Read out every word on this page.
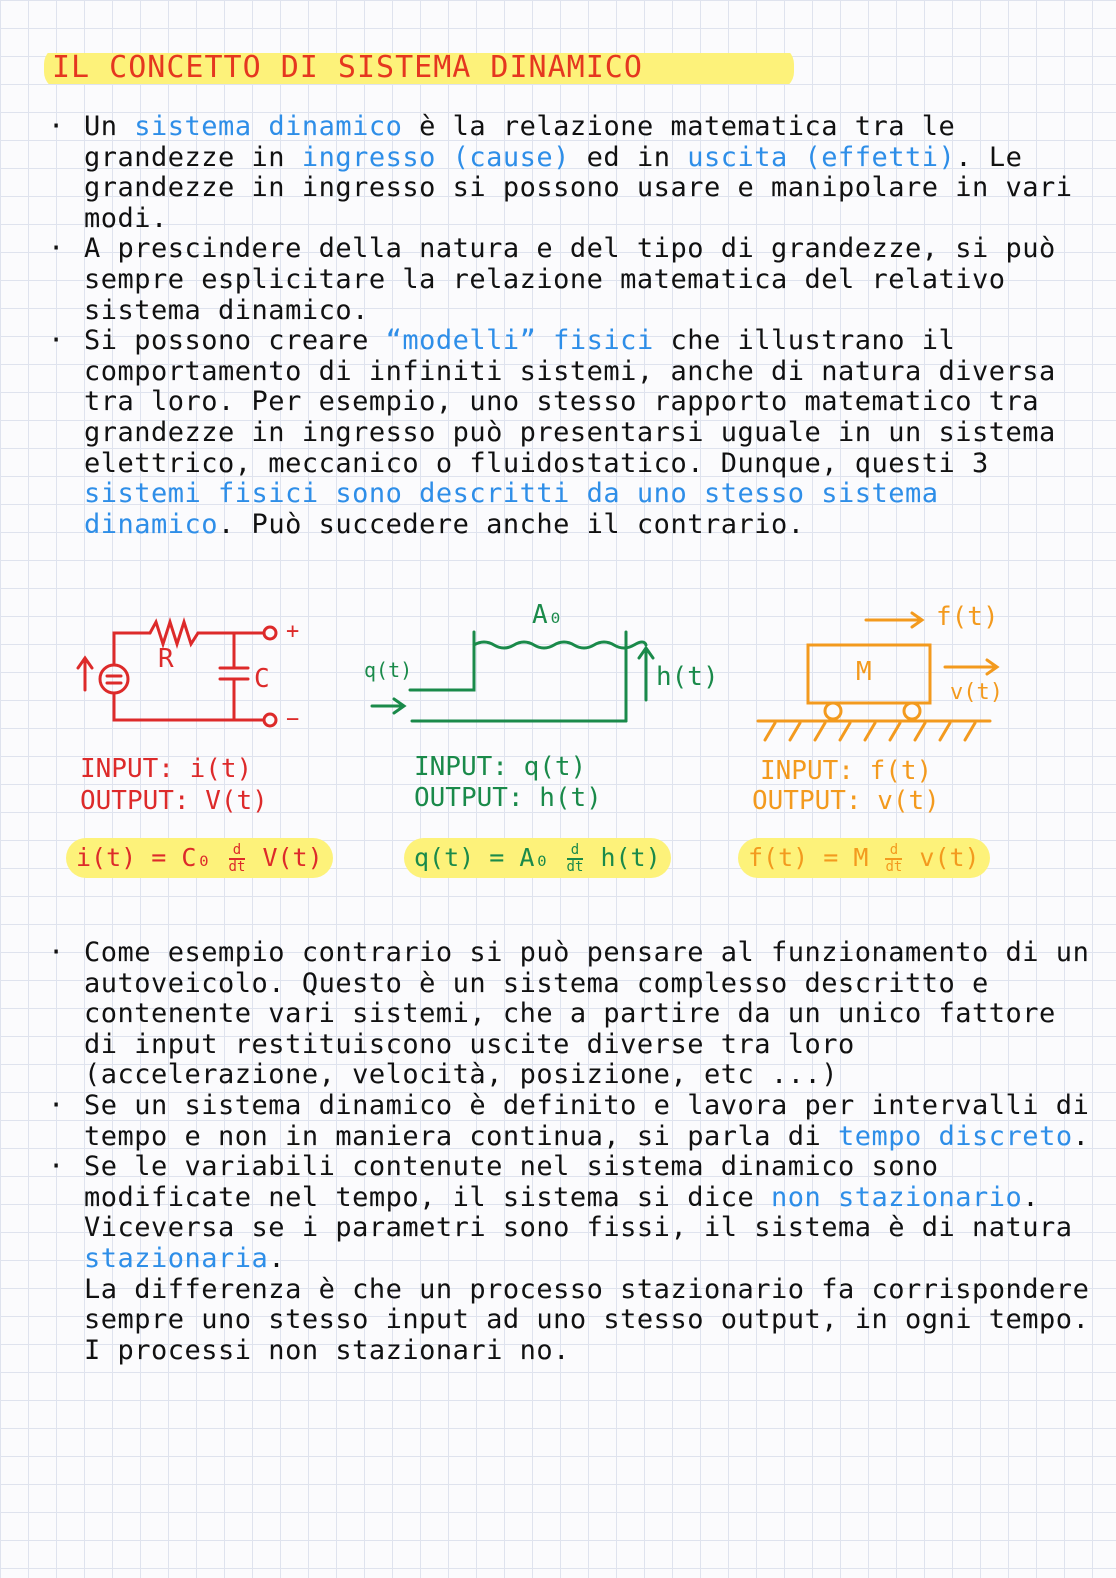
IL CONCETTO DI SISTEMA DINAMICO
· Un sistema dinamico è la relazione matematica tra le grandezze in ingresso (cause) ed in uscita (effetti). Le grandezze in ingresso si possono usare e manipolare in vari modi.
· A prescindere della natura e del tipo di grandezze, si può sempre esplicitare la relazione matematica del relativo sistema dinamico.
· Si possono creare “modelli” fisici che illustrano il comportamento di infiniti sistemi, anche di natura diversa tra loro. Per esempio, uno stesso rapporto matematico tra grandezze in ingresso può presentarsi uguale in un sistema elettrico, meccanico o fluidostatico. Dunque, questi 3 sistemi fisici sono descritti da uno stesso sistema dinamico. Può succedere anche il contrario.
R
C
+
−
A₀
q(t)	h(t)
f(t)
M
v(t)
INPUT: i(t)
OUTPUT: V(t)
INPUT: q(t)
OUTPUT: h(t)
INPUT: f(t)
OUTPUT: v(t)
$i(t) = C_0 \frac{d}{dt} V(t)$	$q(t) = A_0 \frac{d}{dt} h(t)$	f(t) = M $\frac{d}{dt} v(t)$
· Come esempio contrario si può pensare al funzionamento di un autoveicolo. Questo è un sistema complesso descritto e contenente vari sistemi, che a partire da un unico fattore di input restituiscono uscite diverse tra loro (accelerazione, velocità, posizione, etc ...)
· Se un sistema dinamico è definito e lavora per intervalli di tempo e non in maniera continua, si parla di tempo discreto.
· Se le variabili contenute nel sistema dinamico sono modificate nel tempo, il sistema si dice non stazionario. Viceversa se i parametri sono fissi, il sistema è di natura stazionaria.
La differenza è che un processo stazionario fa corrispondere sempre uno stesso input ad uno stesso output, in ogni tempo. I processi non stazionari no.
